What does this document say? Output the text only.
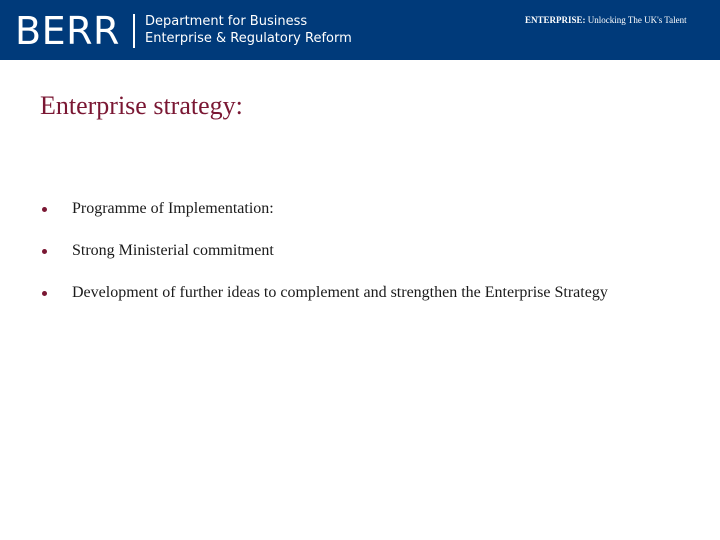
BERR Department for Business
Enterprise & Regulatory Reform
ENTERPRISE: Unlocking The UK's Talent
Enterprise strategy:
Programme of Implementation:
Strong Ministerial commitment
Development of further ideas to complement and strengthen the Enterprise Strategy
